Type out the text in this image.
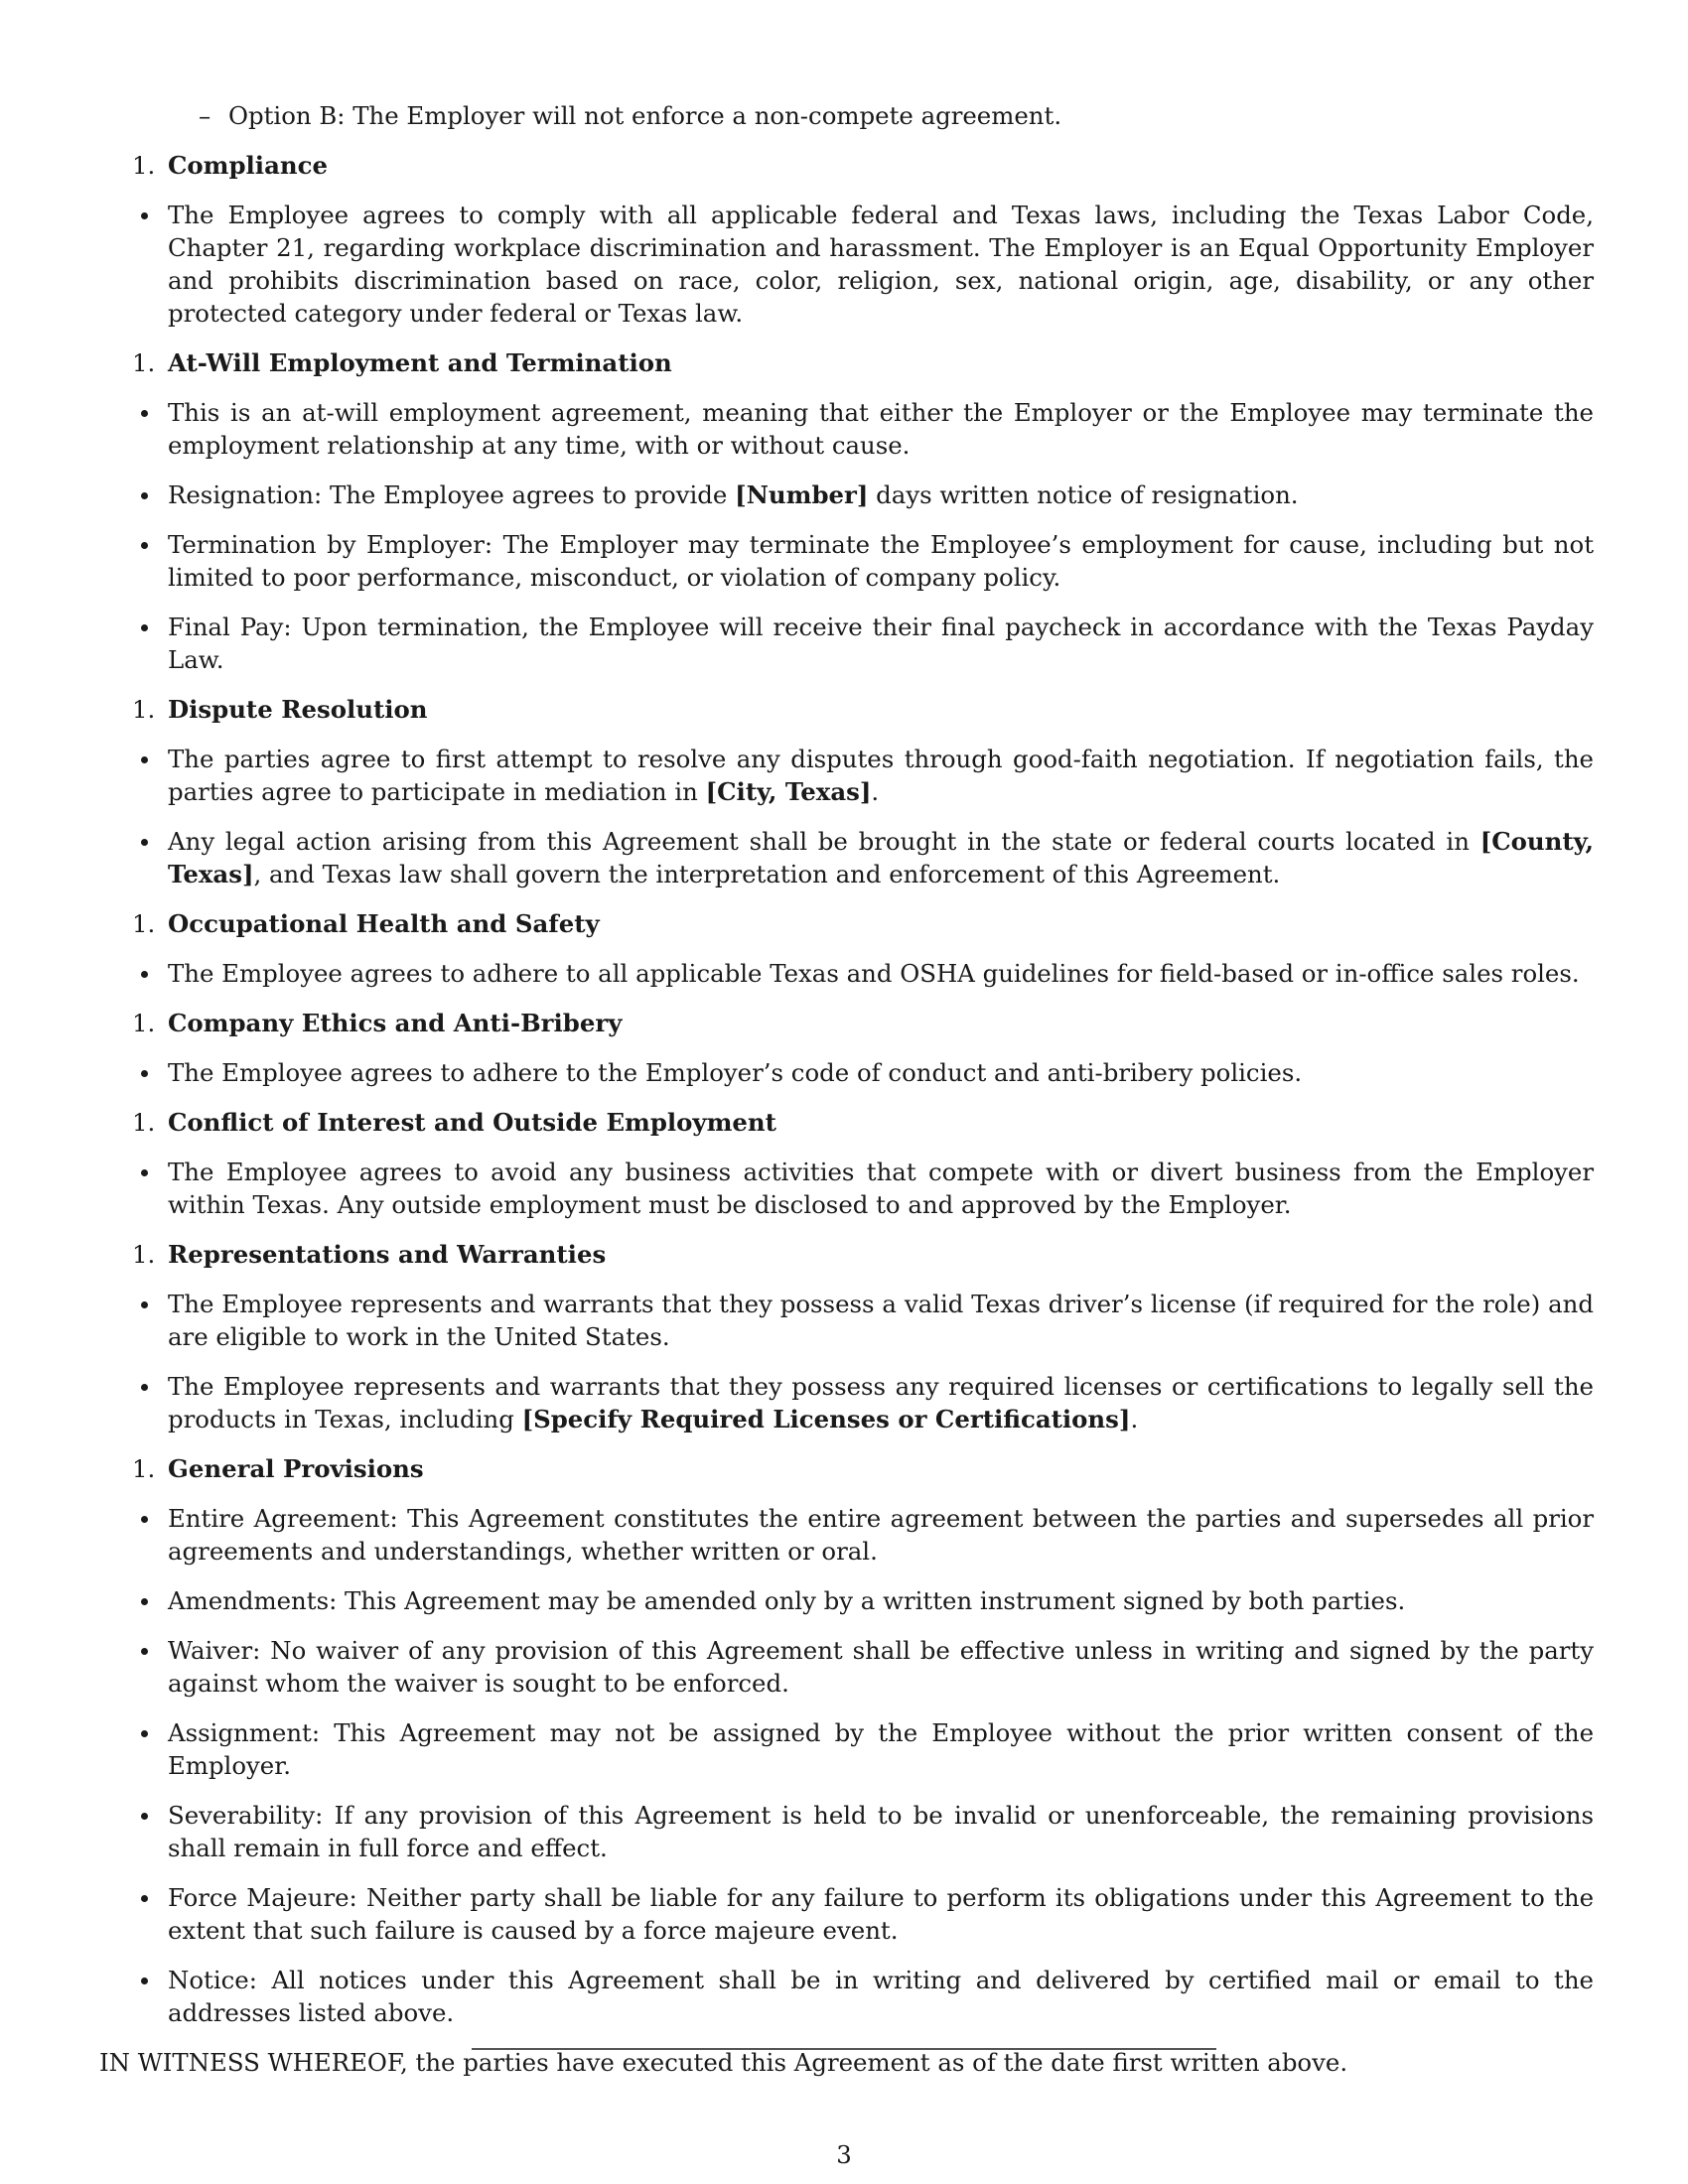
– Option B: The Employer will not enforce a non-compete agreement.
1. Compliance
The Employee agrees to comply with all applicable federal and Texas laws, including the Texas Labor Code, Chapter 21, regarding workplace discrimination and harassment. The Employer is an Equal Opportunity Employer and prohibits discrimination based on race, color, religion, sex, national origin, age, disability, or any other protected category under federal or Texas law.
1. At-Will Employment and Termination
This is an at-will employment agreement, meaning that either the Employer or the Employee may terminate the employment relationship at any time, with or without cause.
Resignation: The Employee agrees to provide [Number] days written notice of resignation.
Termination by Employer: The Employer may terminate the Employee’s employment for cause, including but not limited to poor performance, misconduct, or violation of company policy.
Final Pay: Upon termination, the Employee will receive their final paycheck in accordance with the Texas Payday Law.
1. Dispute Resolution
The parties agree to first attempt to resolve any disputes through good-faith negotiation. If negotiation fails, the parties agree to participate in mediation in [City, Texas].
Any legal action arising from this Agreement shall be brought in the state or federal courts located in [County, Texas], and Texas law shall govern the interpretation and enforcement of this Agreement.
1. Occupational Health and Safety
The Employee agrees to adhere to all applicable Texas and OSHA guidelines for field-based or in-office sales roles.
1. Company Ethics and Anti-Bribery
The Employee agrees to adhere to the Employer’s code of conduct and anti-bribery policies.
1. Conflict of Interest and Outside Employment
The Employee agrees to avoid any business activities that compete with or divert business from the Employer within Texas. Any outside employment must be disclosed to and approved by the Employer.
1. Representations and Warranties
The Employee represents and warrants that they possess a valid Texas driver’s license (if required for the role) and are eligible to work in the United States.
The Employee represents and warrants that they possess any required licenses or certifications to legally sell the products in Texas, including [Specify Required Licenses or Certifications].
1. General Provisions
Entire Agreement: This Agreement constitutes the entire agreement between the parties and supersedes all prior agreements and understandings, whether written or oral.
Amendments: This Agreement may be amended only by a written instrument signed by both parties.
Waiver: No waiver of any provision of this Agreement shall be effective unless in writing and signed by the party against whom the waiver is sought to be enforced.
Assignment: This Agreement may not be assigned by the Employee without the prior written consent of the Employer.
Severability: If any provision of this Agreement is held to be invalid or unenforceable, the remaining provisions shall remain in full force and effect.
Force Majeure: Neither party shall be liable for any failure to perform its obligations under this Agreement to the extent that such failure is caused by a force majeure event.
Notice: All notices under this Agreement shall be in writing and delivered by certified mail or email to the addresses listed above.
IN WITNESS WHEREOF, the parties have executed this Agreement as of the date first written above.
3
